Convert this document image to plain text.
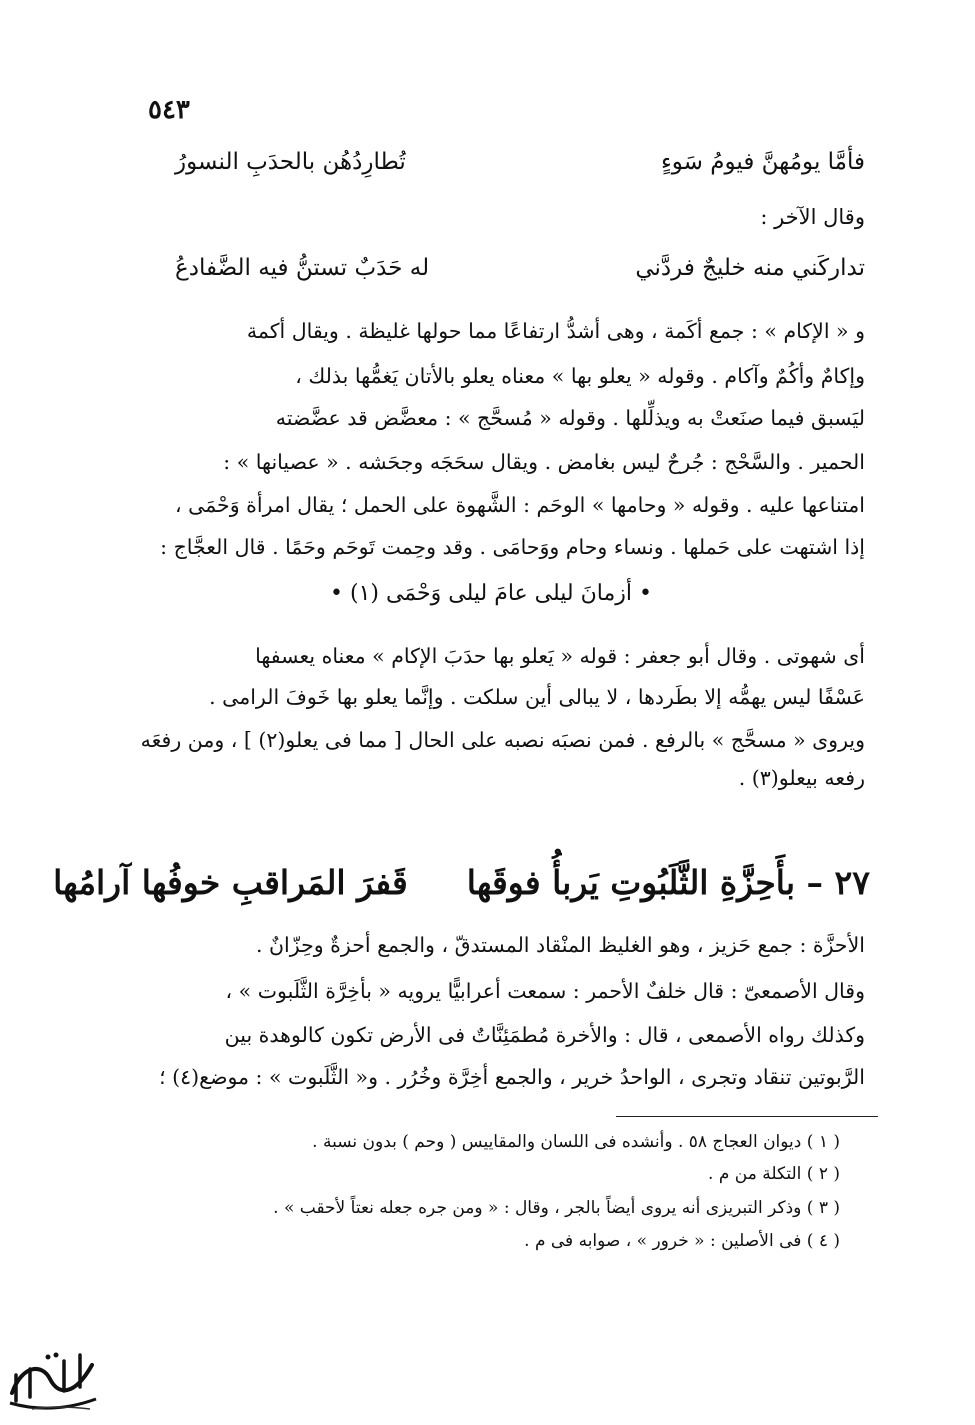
٥٤٣
فأمَّا يومُهنَّ فيومُ سَوءٍ
تُطارِدُهُن بالحدَبِ النسورُ
وقال الآخر :
تداركَني منه خليجٌ فردَّني
له حَدَبٌ تستنُّ فيه الضَّفادعُ
و « الإكام » : جمع أكَمة ، وهى أشدُّ ارتفاعًا مما حولها غليظة . ويقال أكمة
وإكامٌ وأكُمٌ وآكام . وقوله « يعلو بها » معناه يعلو بالأتان يَغمُّها بذلك ،
ليَسبق فيما صنَعتْ به ويذلِّلها . وقوله « مُسحَّج » : معضَّض قد عضَّضته
الحمير . والسَّحْج : جُرحٌ ليس بغامض . ويقال سحَجَه وجحَشه . « عصيانها » :
امتناعها عليه . وقوله « وحامها » الوحَم : الشَّهوة على الحمل ؛ يقال امرأة وَحْمَى ،
إذا اشتهت على حَملها . ونساء وحام ووَحامَى . وقد وحِمت تَوحَم وحَمًا . قال العجَّاج :
• أزمانَ ليلى عامَ ليلى وَحْمَى (١) •
أى شهوتى . وقال أبو جعفر : قوله « يَعلو بها حدَبَ الإكام » معناه يعسفها
عَسْفًا ليس يهمُّه إلا بطَردها ، لا يبالى أين سلكت . وإنَّما يعلو بها خَوفَ الرامى .
ويروى « مسحَّج » بالرفع . فمن نصبَه نصبه على الحال [ مما فى يعلو(٢) ] ، ومن رفعَه
رفعه بيعلو(٣) .
٢٧ – بأَحِزَّةِ الثَّلَبُوتِ يَربأُ فوقَها  قَفرَ المَراقبِ خوفُها آرامُها
الأحزَّة : جمع حَزيز ، وهو الغليظ المنْقاد المستدقّ ، والجمع أحزةٌ وحِزّانٌ .
وقال الأصمعىّ : قال خلفٌ الأحمر : سمعت أعرابيًّا يرويه « بأخِرَّة الثَّلَبوت » ،
وكذلك رواه الأصمعى ، قال : والأخرة مُطمَئِنَّاتٌ فى الأرض تكون كالوهدة بين
الرَّبوتين تنقاد وتجرى ، الواحدُ خرير ، والجمع أخِرَّة وخُرُر . و« الثَّلَبوت » : موضع(٤) ؛
( ١ ) ديوان العجاج ٥٨ . وأنشده فى اللسان والمقاييس ( وحم ) بدون نسبة .
( ٢ ) التكلة من م .
( ٣ ) وذكر التبريزى أنه يروى أيضاً بالجر ، وقال : « ومن جره جعله نعتاً لأحقب » .
( ٤ ) فى الأصلين : « خرور » ، صوابه فى م .
